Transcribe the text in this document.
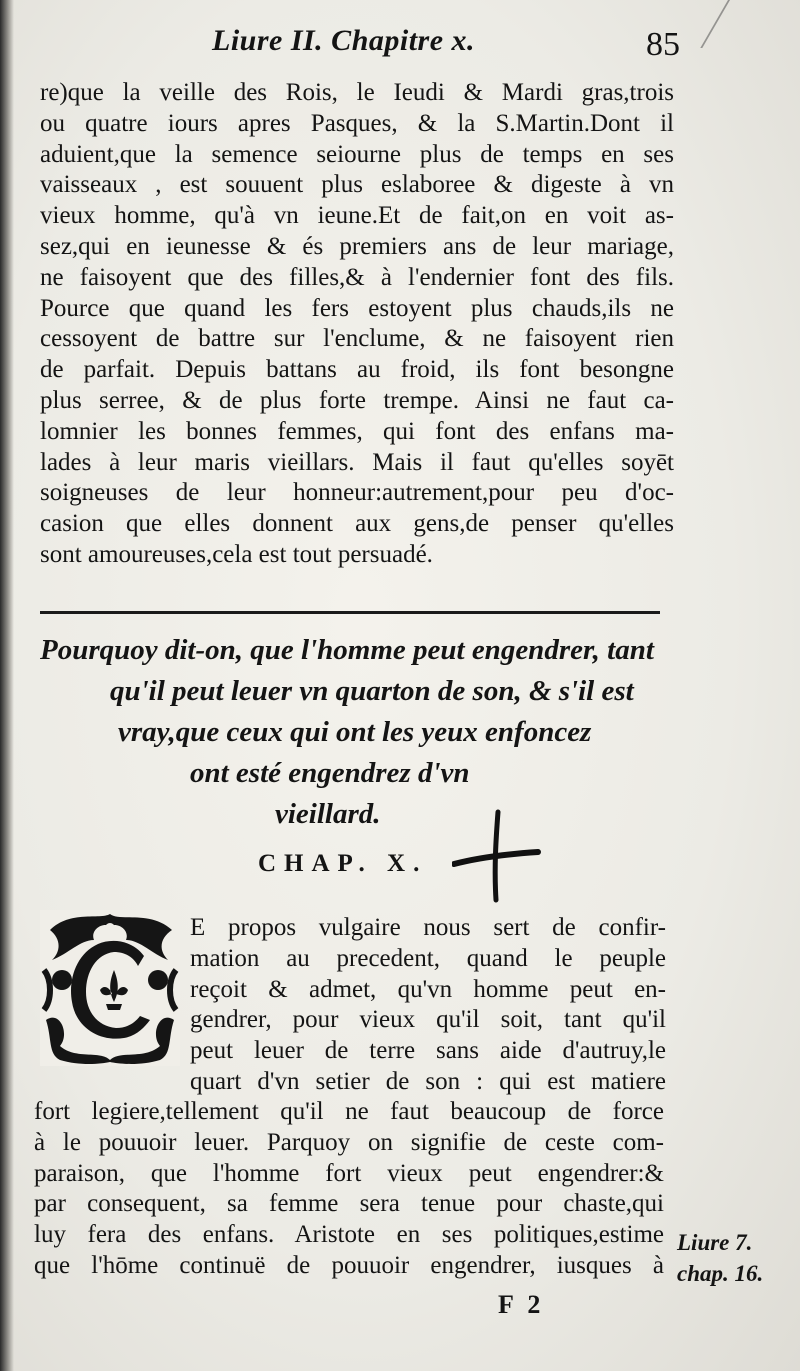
Liure II. Chapitre x.	85
re)que la veille des Rois, le Ieudi & Mardi gras,trois
ou quatre iours apres Pasques, & la S.Martin.Dont il
aduient,que la semence seiourne plus de temps en ses
vaisseaux , est souuent plus eslaboree & digeste à vn
vieux homme, qu'à vn ieune.Et de fait,on en voit as-
sez,qui en ieunesse & és premiers ans de leur mariage,
ne faisoyent que des filles,& à l'endernier font des fils.
Pource que quand les fers estoyent plus chauds,ils ne
cessoyent de battre sur l'enclume, & ne faisoyent rien
de parfait. Depuis battans au froid, ils font besongne
plus serree, & de plus forte trempe. Ainsi ne faut ca-
lomnier les bonnes femmes, qui font des enfans ma-
lades à leur maris vieillars. Mais il faut qu'elles soyēt
soigneuses de leur honneur:autrement,pour peu d'oc-
casion que elles donnent aux gens,de penser qu'elles
sont amoureuses,cela est tout persuadé.
Pourquoy dit-on, que l'homme peut engendrer, tant
qu'il peut leuer vn quarton de son, & s'il est
vray,que ceux qui ont les yeux enfoncez
ont esté engendrez d'vn
vieillard.
CHAP. X.
E propos vulgaire nous sert de confir-
mation au precedent, quand le peuple
reçoit & admet, qu'vn homme peut en-
gendrer, pour vieux qu'il soit, tant qu'il
peut leuer de terre sans aide d'autruy,le
quart d'vn setier de son : qui est matiere
fort legiere,tellement qu'il ne faut beaucoup de force
à le pouuoir leuer. Parquoy on signifie de ceste com-
paraison, que l'homme fort vieux peut engendrer:&
par consequent, sa femme sera tenue pour chaste,qui
luy fera des enfans. Aristote en ses politiques,estime
que l'hōme continuë de pouuoir engendrer, iusques à
Liure 7.
chap. 16.
F 2
